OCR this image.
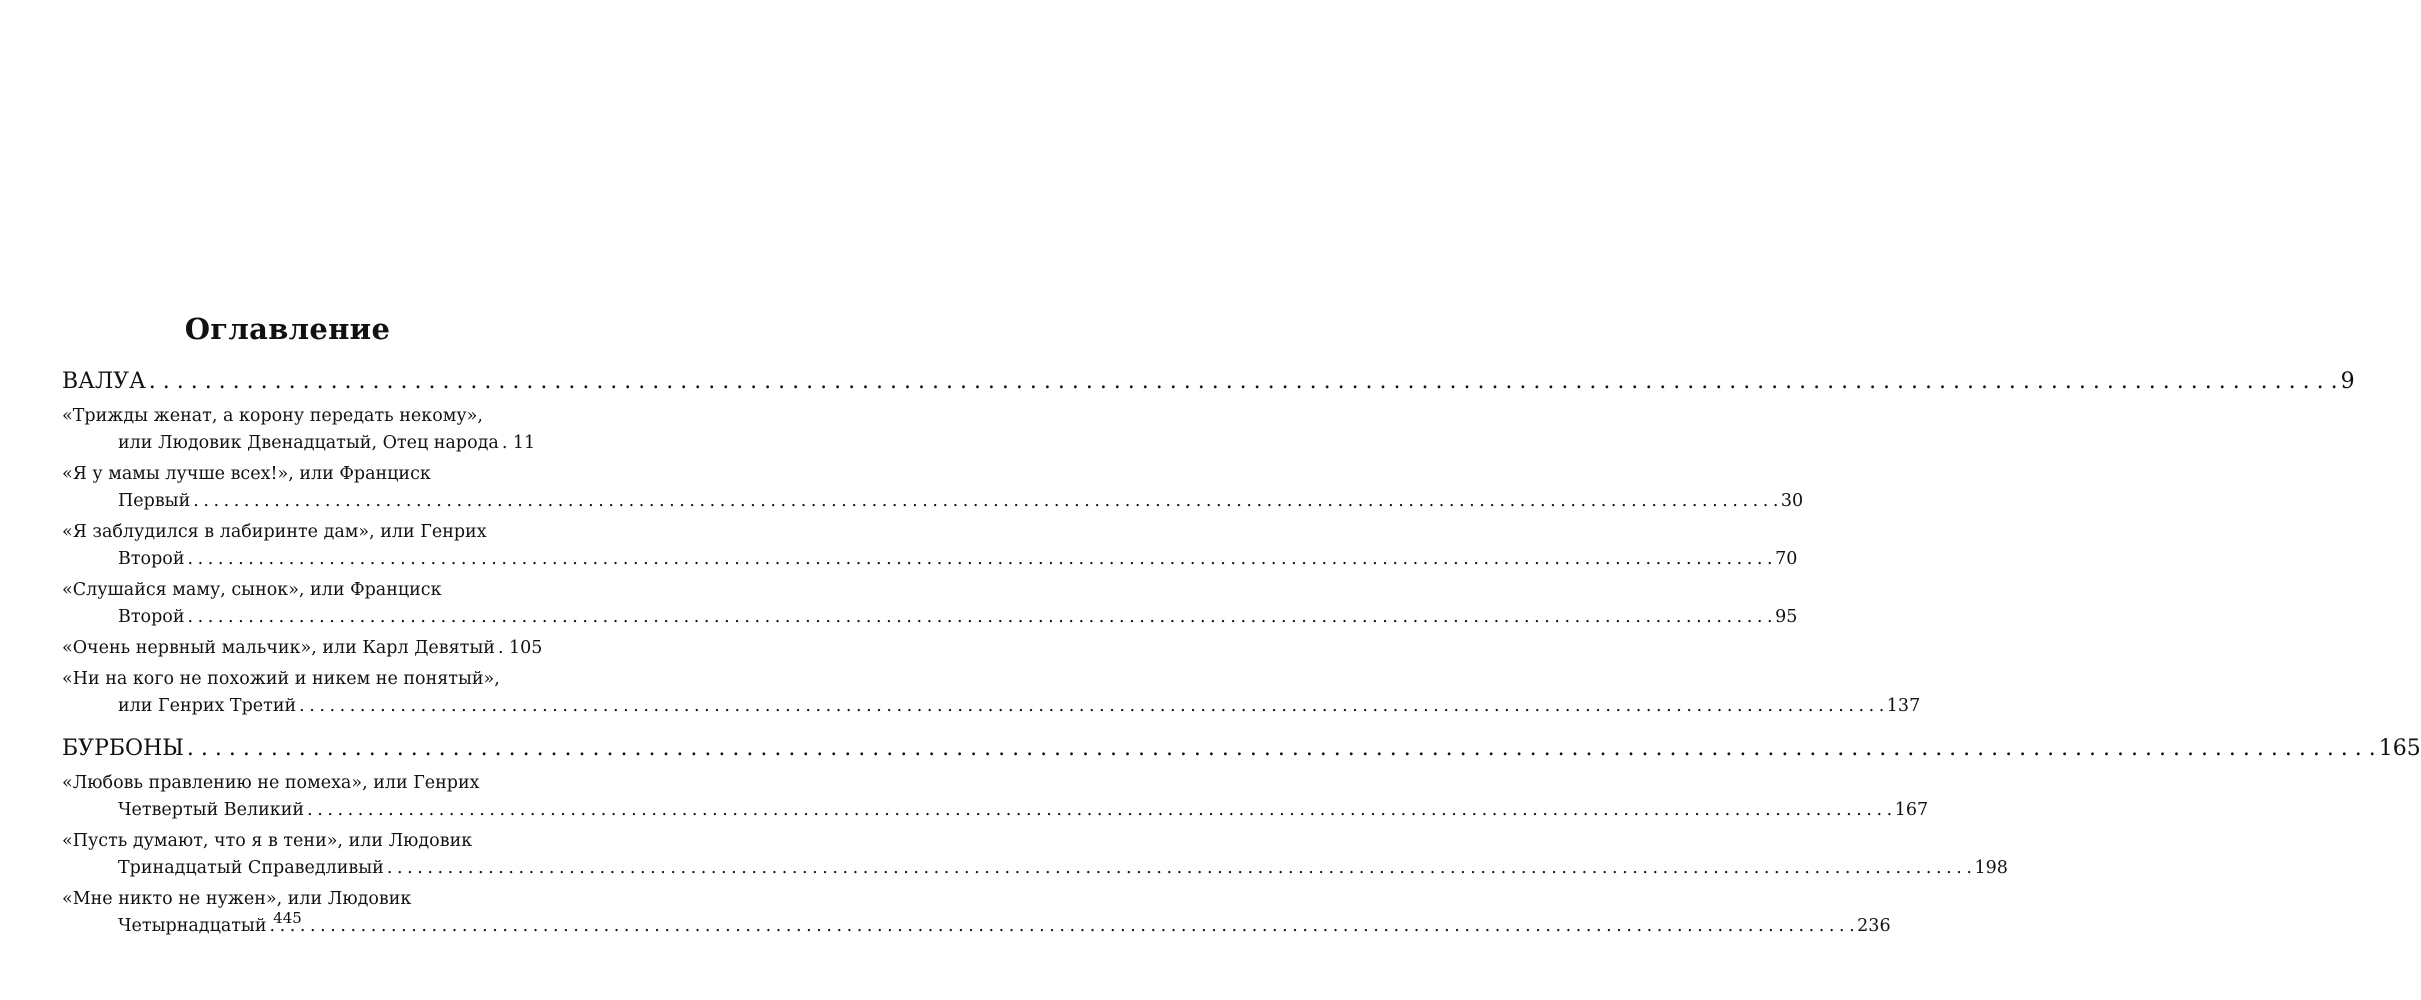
Оглавление
ВАЛУА . . .	9
«Трижды женат, а корону передать некому»,
или Людовик Двенадцатый, Отец народа . 11
«Я у мамы лучше всех!», или Франциск
Первый . . .	30
«Я заблудился в лабиринте дам», или Генрих
Второй . . .	70
«Слушайся маму, сынок», или Франциск
Второй . . .	95
«Очень нервный мальчик», или Карл Девятый . 105
«Ни на кого не похожий и никем не понятый»,
или Генрих Третий . . .	137
БУРБОНЫ . . .	165
«Любовь правлению не помеха», или Генрих
Четвертый Великий . . .	167
«Пусть думают, что я в тени», или Людовик
Тринадцатый Справедливый . . .	198
«Мне никто не нужен», или Людовик
Четырнадцатый . . .	236
445
